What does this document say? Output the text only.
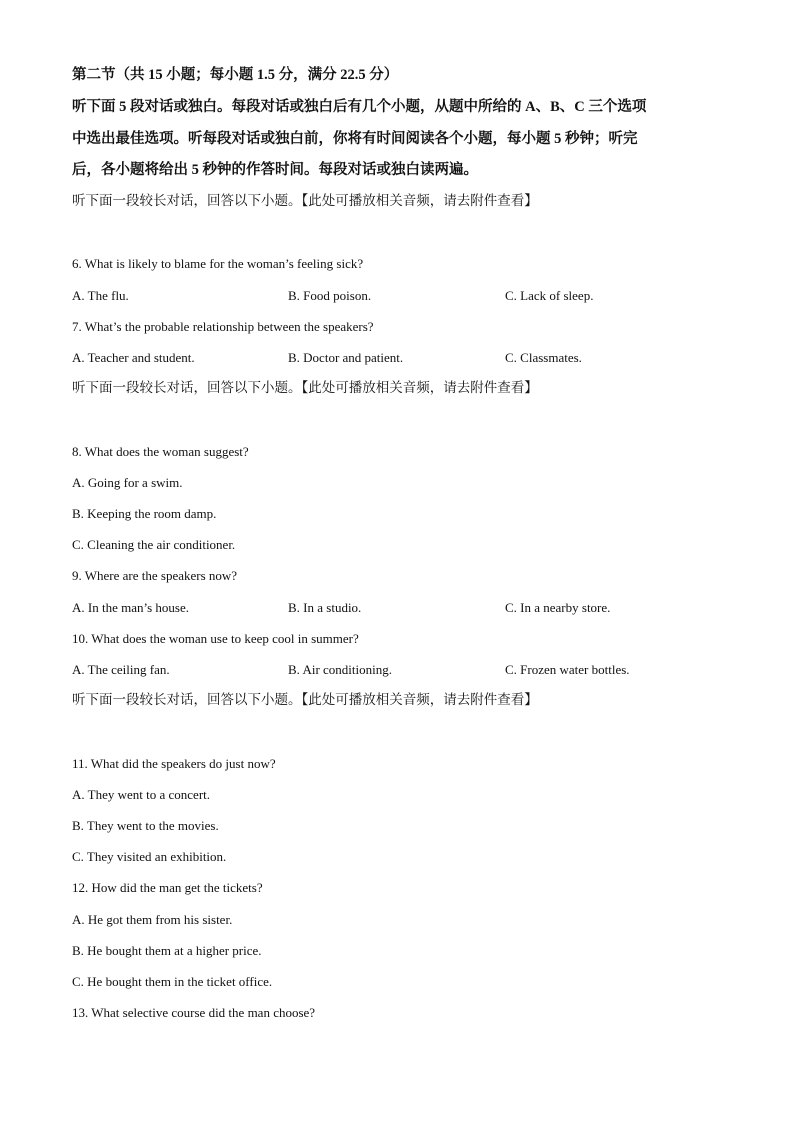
第二节（共 15 小题；每小题 1.5 分，满分 22.5 分）
听下面 5 段对话或独白。每段对话或独白后有几个小题，从题中所给的 A、B、C 三个选项
中选出最佳选项。听每段对话或独白前，你将有时间阅读各个小题，每小题 5 秒钟；听完
后，各小题将给出 5 秒钟的作答时间。每段对话或独白读两遍。
听下面一段较长对话，回答以下小题。【此处可播放相关音频，请去附件查看】
6. What is likely to blame for the woman’s feeling sick?
A. The flu.	B. Food poison.	C. Lack of sleep.
7. What’s the probable relationship between the speakers?
A. Teacher and student.	B. Doctor and patient.	C. Classmates.
听下面一段较长对话，回答以下小题。【此处可播放相关音频，请去附件查看】
8. What does the woman suggest?
A. Going for a swim.
B. Keeping the room damp.
C. Cleaning the air conditioner.
9. Where are the speakers now?
A. In the man’s house.	B. In a studio.	C. In a nearby store.
10. What does the woman use to keep cool in summer?
A. The ceiling fan.	B. Air conditioning.	C. Frozen water bottles.
听下面一段较长对话，回答以下小题。【此处可播放相关音频，请去附件查看】
11. What did the speakers do just now?
A. They went to a concert.
B. They went to the movies.
C. They visited an exhibition.
12. How did the man get the tickets?
A. He got them from his sister.
B. He bought them at a higher price.
C. He bought them in the ticket office.
13. What selective course did the man choose?
